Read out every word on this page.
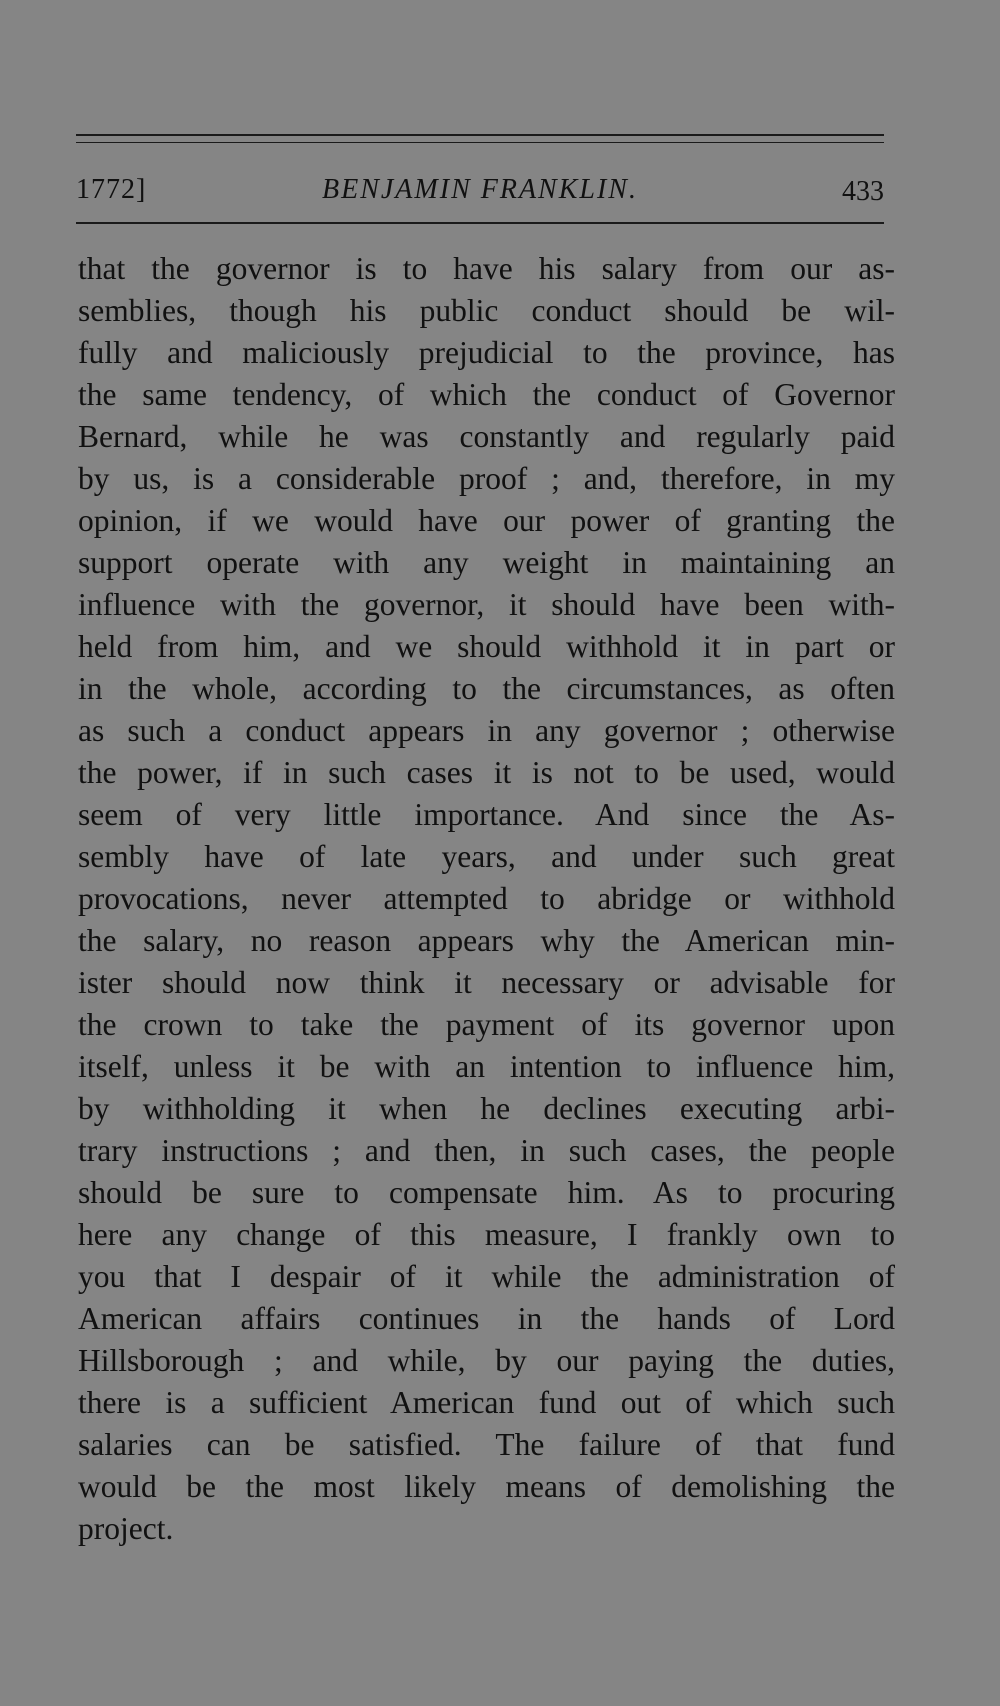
1772]	BENJAMIN FRANKLIN.	433
that the governor is to have his salary from our as-
semblies, though his public conduct should be wil-
fully and maliciously prejudicial to the province, has
the same tendency, of which the conduct of Governor
Bernard, while he was constantly and regularly paid
by us, is a considerable proof ; and, therefore, in my
opinion, if we would have our power of granting the
support operate with any weight in maintaining an
influence with the governor, it should have been with-
held from him, and we should withhold it in part or
in the whole, according to the circumstances, as often
as such a conduct appears in any governor ; otherwise
the power, if in such cases it is not to be used, would
seem of very little importance. And since the As-
sembly have of late years, and under such great
provocations, never attempted to abridge or withhold
the salary, no reason appears why the American min-
ister should now think it necessary or advisable for
the crown to take the payment of its governor upon
itself, unless it be with an intention to influence him,
by withholding it when he declines executing arbi-
trary instructions ; and then, in such cases, the people
should be sure to compensate him. As to procuring
here any change of this measure, I frankly own to
you that I despair of it while the administration of
American affairs continues in the hands of Lord
Hillsborough ; and while, by our paying the duties,
there is a sufficient American fund out of which such
salaries can be satisfied. The failure of that fund
would be the most likely means of demolishing the
project.
